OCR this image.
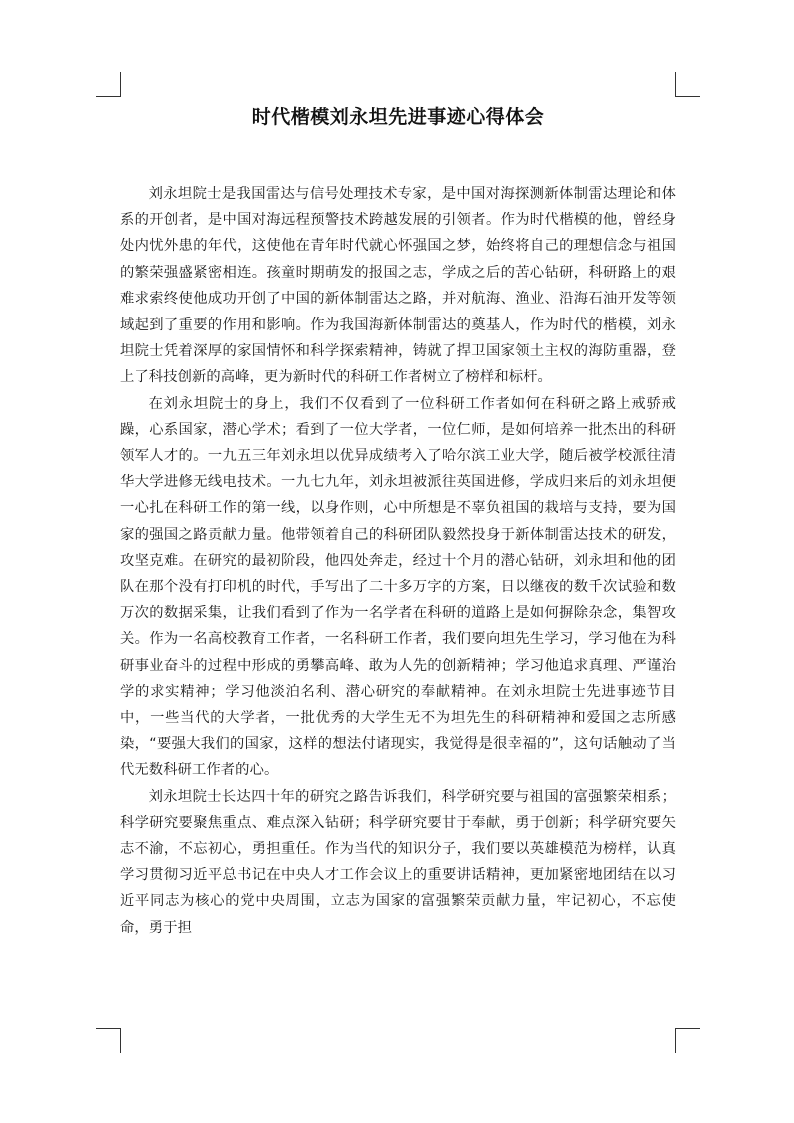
时代楷模刘永坦先进事迹心得体会

刘永坦院士是我国雷达与信号处理技术专家，是中国对海探测新体制雷达理论和体系的开创者，是中国对海远程预警技术跨越发展的引领者。作为时代楷模的他，曾经身处内忧外患的年代，这使他在青年时代就心怀强国之梦，始终将自己的理想信念与祖国的繁荣强盛紧密相连。孩童时期萌发的报国之志，学成之后的苦心钻研，科研路上的艰难求索终使他成功开创了中国的新体制雷达之路，并对航海、渔业、沿海石油开发等领域起到了重要的作用和影响。作为我国海新体制雷达的奠基人，作为时代的楷模，刘永坦院士凭着深厚的家国情怀和科学探索精神，铸就了捍卫国家领土主权的海防重器，登上了科技创新的高峰，更为新时代的科研工作者树立了榜样和标杆。

在刘永坦院士的身上，我们不仅看到了一位科研工作者如何在科研之路上戒骄戒躁，心系国家，潜心学术；看到了一位大学者，一位仁师，是如何培养一批杰出的科研领军人才的。一九五三年刘永坦以优异成绩考入了哈尔滨工业大学，随后被学校派往清华大学进修无线电技术。一九七九年，刘永坦被派往英国进修，学成归来后的刘永坦便一心扎在科研工作的第一线，以身作则，心中所想是不辜负祖国的栽培与支持，要为国家的强国之路贡献力量。他带领着自己的科研团队毅然投身于新体制雷达技术的研发，攻坚克难。在研究的最初阶段，他四处奔走，经过十个月的潜心钻研，刘永坦和他的团队在那个没有打印机的时代，手写出了二十多万字的方案，日以继夜的数千次试验和数万次的数据采集，让我们看到了作为一名学者在科研的道路上是如何摒除杂念，集智攻关。作为一名高校教育工作者，一名科研工作者，我们要向坦先生学习，学习他在为科研事业奋斗的过程中形成的勇攀高峰、敢为人先的创新精神；学习他追求真理、严谨治学的求实精神；学习他淡泊名利、潜心研究的奉献精神。在刘永坦院士先进事迹节目中，一些当代的大学者，一批优秀的大学生无不为坦先生的科研精神和爱国之志所感染，“要强大我们的国家，这样的想法付诸现实，我觉得是很幸福的”，这句话触动了当代无数科研工作者的心。

刘永坦院士长达四十年的研究之路告诉我们，科学研究要与祖国的富强繁荣相系；科学研究要聚焦重点、难点深入钻研；科学研究要甘于奉献，勇于创新；科学研究要矢志不渝，不忘初心，勇担重任。作为当代的知识分子，我们要以英雄模范为榜样，认真学习贯彻习近平总书记在中央人才工作会议上的重要讲话精神，更加紧密地团结在以习近平同志为核心的党中央周围，立志为国家的富强繁荣贡献力量，牢记初心，不忘使命，勇于担
